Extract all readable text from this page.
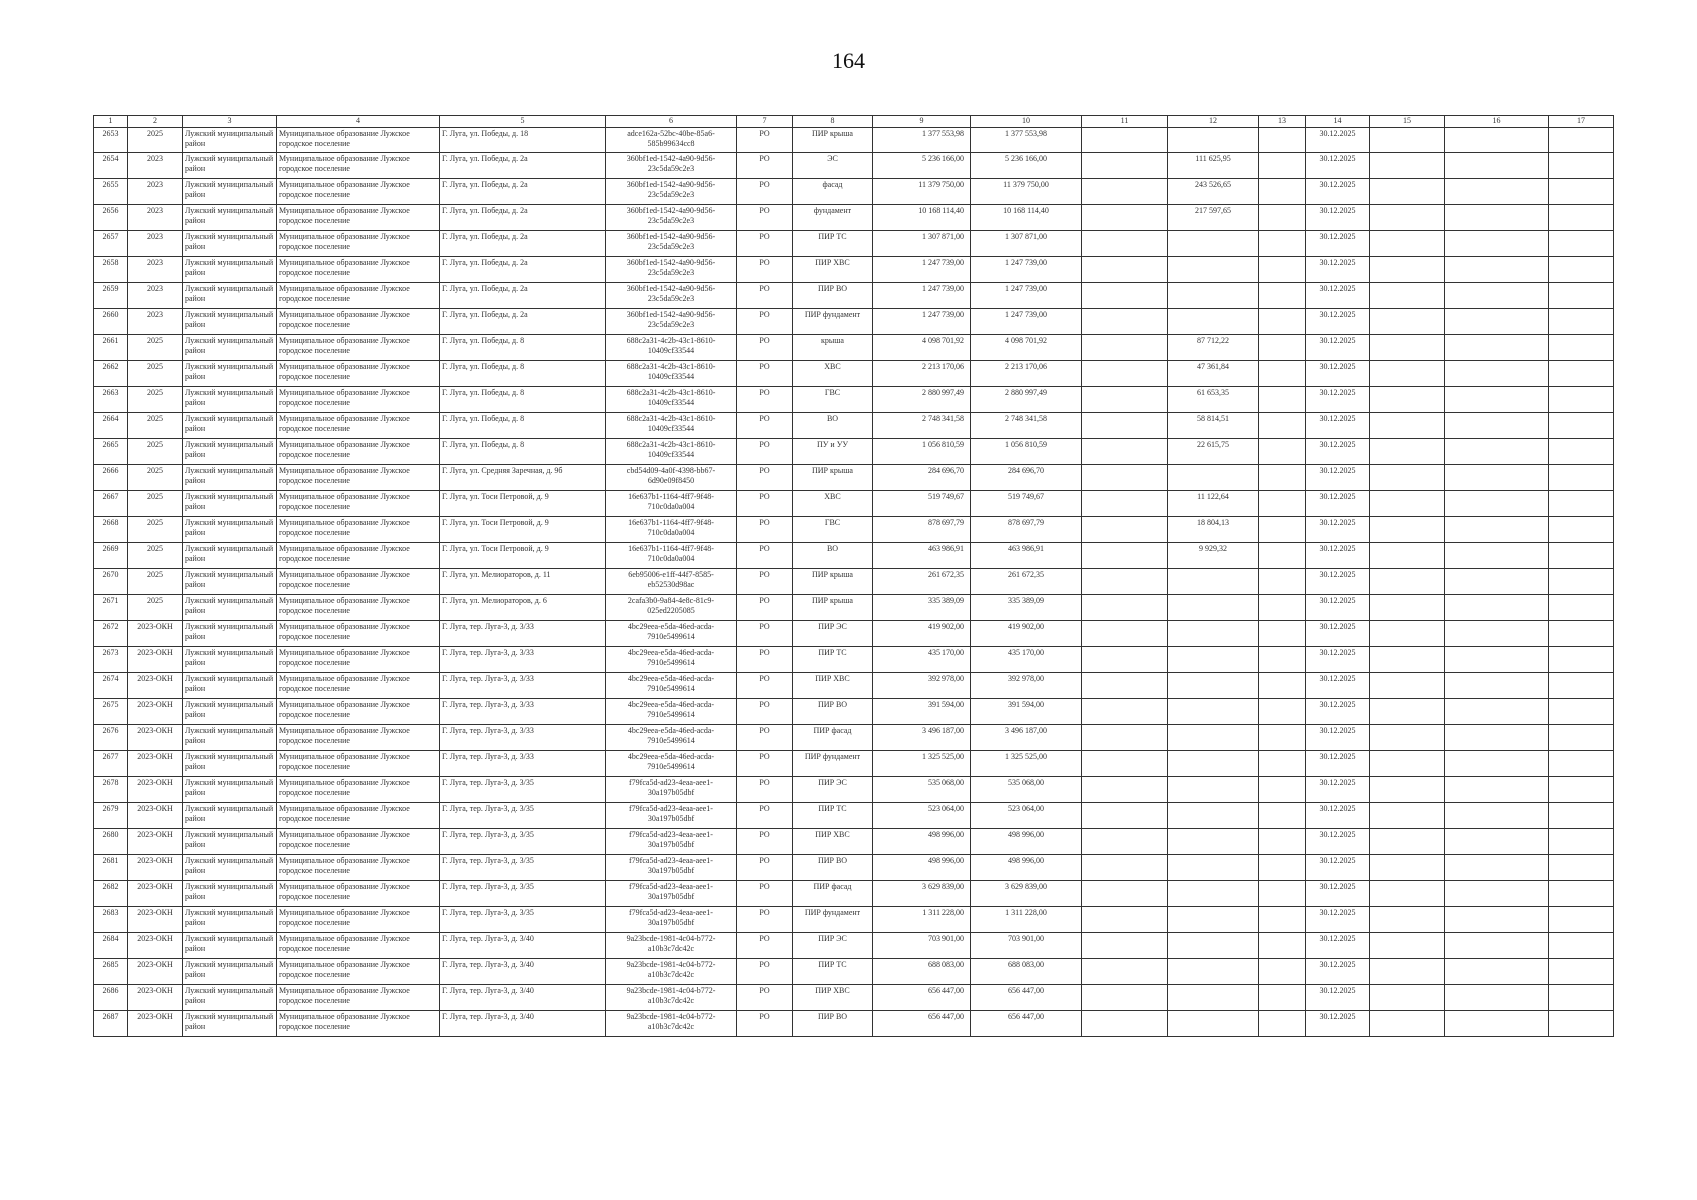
164
1	2	3	4	5	6	7	8	9	10	11	12	13	14	15	16	17
2653	2025	Лужский муниципальный район	Муниципальное образование Лужское городское поселение	Г. Луга, ул. Победы, д. 18	adce162a-52bc-40be-85a6-585b99634cc8	РО	ПИР крыша	1 377 553,98	1 377 553,98				30.12.2025			
2654	2023	Лужский муниципальный район	Муниципальное образование Лужское городское поселение	Г. Луга, ул. Победы, д. 2а	360bf1ed-1542-4a90-9d56-23c5da59c2e3	РО	ЭС	5 236 166,00	5 236 166,00		111 625,95		30.12.2025			
2655	2023	Лужский муниципальный район	Муниципальное образование Лужское городское поселение	Г. Луга, ул. Победы, д. 2а	360bf1ed-1542-4a90-9d56-23c5da59c2e3	РО	фасад	11 379 750,00	11 379 750,00		243 526,65		30.12.2025			
2656	2023	Лужский муниципальный район	Муниципальное образование Лужское городское поселение	Г. Луга, ул. Победы, д. 2а	360bf1ed-1542-4a90-9d56-23c5da59c2e3	РО	фундамент	10 168 114,40	10 168 114,40		217 597,65		30.12.2025			
2657	2023	Лужский муниципальный район	Муниципальное образование Лужское городское поселение	Г. Луга, ул. Победы, д. 2а	360bf1ed-1542-4a90-9d56-23c5da59c2e3	РО	ПИР ТС	1 307 871,00	1 307 871,00				30.12.2025			
2658	2023	Лужский муниципальный район	Муниципальное образование Лужское городское поселение	Г. Луга, ул. Победы, д. 2а	360bf1ed-1542-4a90-9d56-23c5da59c2e3	РО	ПИР ХВС	1 247 739,00	1 247 739,00				30.12.2025			
2659	2023	Лужский муниципальный район	Муниципальное образование Лужское городское поселение	Г. Луга, ул. Победы, д. 2а	360bf1ed-1542-4a90-9d56-23c5da59c2e3	РО	ПИР ВО	1 247 739,00	1 247 739,00				30.12.2025			
2660	2023	Лужский муниципальный район	Муниципальное образование Лужское городское поселение	Г. Луга, ул. Победы, д. 2а	360bf1ed-1542-4a90-9d56-23c5da59c2e3	РО	ПИР фундамент	1 247 739,00	1 247 739,00				30.12.2025			
2661	2025	Лужский муниципальный район	Муниципальное образование Лужское городское поселение	Г. Луга, ул. Победы, д. 8	688c2a31-4c2b-43c1-8610-10409cf33544	РО	крыша	4 098 701,92	4 098 701,92		87 712,22		30.12.2025			
2662	2025	Лужский муниципальный район	Муниципальное образование Лужское городское поселение	Г. Луга, ул. Победы, д. 8	688c2a31-4c2b-43c1-8610-10409cf33544	РО	ХВС	2 213 170,06	2 213 170,06		47 361,84		30.12.2025			
2663	2025	Лужский муниципальный район	Муниципальное образование Лужское городское поселение	Г. Луга, ул. Победы, д. 8	688c2a31-4c2b-43c1-8610-10409cf33544	РО	ГВС	2 880 997,49	2 880 997,49		61 653,35		30.12.2025			
2664	2025	Лужский муниципальный район	Муниципальное образование Лужское городское поселение	Г. Луга, ул. Победы, д. 8	688c2a31-4c2b-43c1-8610-10409cf33544	РО	ВО	2 748 341,58	2 748 341,58		58 814,51		30.12.2025			
2665	2025	Лужский муниципальный район	Муниципальное образование Лужское городское поселение	Г. Луга, ул. Победы, д. 8	688c2a31-4c2b-43c1-8610-10409cf33544	РО	ПУ и УУ	1 056 810,59	1 056 810,59		22 615,75		30.12.2025			
2666	2025	Лужский муниципальный район	Муниципальное образование Лужское городское поселение	Г. Луга, ул. Средняя Заречная, д. 9б	cbd54d09-4a0f-4398-bb67-6d90e09f8450	РО	ПИР крыша	284 696,70	284 696,70				30.12.2025			
2667	2025	Лужский муниципальный район	Муниципальное образование Лужское городское поселение	Г. Луга, ул. Тоси Петровой, д. 9	16e637b1-1164-4ff7-9f48-710c0da0a004	РО	ХВС	519 749,67	519 749,67		11 122,64		30.12.2025			
2668	2025	Лужский муниципальный район	Муниципальное образование Лужское городское поселение	Г. Луга, ул. Тоси Петровой, д. 9	16e637b1-1164-4ff7-9f48-710c0da0a004	РО	ГВС	878 697,79	878 697,79		18 804,13		30.12.2025			
2669	2025	Лужский муниципальный район	Муниципальное образование Лужское городское поселение	Г. Луга, ул. Тоси Петровой, д. 9	16e637b1-1164-4ff7-9f48-710c0da0a004	РО	ВО	463 986,91	463 986,91		9 929,32		30.12.2025			
2670	2025	Лужский муниципальный район	Муниципальное образование Лужское городское поселение	Г. Луга, ул. Мелиораторов, д. 11	6eb95006-e1ff-44f7-8585-eb52530d98ac	РО	ПИР крыша	261 672,35	261 672,35				30.12.2025			
2671	2025	Лужский муниципальный район	Муниципальное образование Лужское городское поселение	Г. Луга, ул. Мелиораторов, д. 6	2cafa3b0-9a84-4e8c-81c9-025ed2205085	РО	ПИР крыша	335 389,09	335 389,09				30.12.2025			
2672	2023-ОКН	Лужский муниципальный район	Муниципальное образование Лужское городское поселение	Г. Луга, тер. Луга-3, д. 3/33	4bc29eea-e5da-46ed-acda-7910e5499614	РО	ПИР ЭС	419 902,00	419 902,00				30.12.2025			
2673	2023-ОКН	Лужский муниципальный район	Муниципальное образование Лужское городское поселение	Г. Луга, тер. Луга-3, д. 3/33	4bc29eea-e5da-46ed-acda-7910e5499614	РО	ПИР ТС	435 170,00	435 170,00				30.12.2025			
2674	2023-ОКН	Лужский муниципальный район	Муниципальное образование Лужское городское поселение	Г. Луга, тер. Луга-3, д. 3/33	4bc29eea-e5da-46ed-acda-7910e5499614	РО	ПИР ХВС	392 978,00	392 978,00				30.12.2025			
2675	2023-ОКН	Лужский муниципальный район	Муниципальное образование Лужское городское поселение	Г. Луга, тер. Луга-3, д. 3/33	4bc29eea-e5da-46ed-acda-7910e5499614	РО	ПИР ВО	391 594,00	391 594,00				30.12.2025			
2676	2023-ОКН	Лужский муниципальный район	Муниципальное образование Лужское городское поселение	Г. Луга, тер. Луга-3, д. 3/33	4bc29eea-e5da-46ed-acda-7910e5499614	РО	ПИР фасад	3 496 187,00	3 496 187,00				30.12.2025			
2677	2023-ОКН	Лужский муниципальный район	Муниципальное образование Лужское городское поселение	Г. Луга, тер. Луга-3, д. 3/33	4bc29eea-e5da-46ed-acda-7910e5499614	РО	ПИР фундамент	1 325 525,00	1 325 525,00				30.12.2025			
2678	2023-ОКН	Лужский муниципальный район	Муниципальное образование Лужское городское поселение	Г. Луга, тер. Луга-3, д. 3/35	f79fca5d-ad23-4eaa-aee1-30a197b05dbf	РО	ПИР ЭС	535 068,00	535 068,00				30.12.2025			
2679	2023-ОКН	Лужский муниципальный район	Муниципальное образование Лужское городское поселение	Г. Луга, тер. Луга-3, д. 3/35	f79fca5d-ad23-4eaa-aee1-30a197b05dbf	РО	ПИР ТС	523 064,00	523 064,00				30.12.2025			
2680	2023-ОКН	Лужский муниципальный район	Муниципальное образование Лужское городское поселение	Г. Луга, тер. Луга-3, д. 3/35	f79fca5d-ad23-4eaa-aee1-30a197b05dbf	РО	ПИР ХВС	498 996,00	498 996,00				30.12.2025			
2681	2023-ОКН	Лужский муниципальный район	Муниципальное образование Лужское городское поселение	Г. Луга, тер. Луга-3, д. 3/35	f79fca5d-ad23-4eaa-aee1-30a197b05dbf	РО	ПИР ВО	498 996,00	498 996,00				30.12.2025			
2682	2023-ОКН	Лужский муниципальный район	Муниципальное образование Лужское городское поселение	Г. Луга, тер. Луга-3, д. 3/35	f79fca5d-ad23-4eaa-aee1-30a197b05dbf	РО	ПИР фасад	3 629 839,00	3 629 839,00				30.12.2025			
2683	2023-ОКН	Лужский муниципальный район	Муниципальное образование Лужское городское поселение	Г. Луга, тер. Луга-3, д. 3/35	f79fca5d-ad23-4eaa-aee1-30a197b05dbf	РО	ПИР фундамент	1 311 228,00	1 311 228,00				30.12.2025			
2684	2023-ОКН	Лужский муниципальный район	Муниципальное образование Лужское городское поселение	Г. Луга, тер. Луга-3, д. 3/40	9a23bcde-1981-4c04-b772-a10b3c7dc42c	РО	ПИР ЭС	703 901,00	703 901,00				30.12.2025			
2685	2023-ОКН	Лужский муниципальный район	Муниципальное образование Лужское городское поселение	Г. Луга, тер. Луга-3, д. 3/40	9a23bcde-1981-4c04-b772-a10b3c7dc42c	РО	ПИР ТС	688 083,00	688 083,00				30.12.2025			
2686	2023-ОКН	Лужский муниципальный район	Муниципальное образование Лужское городское поселение	Г. Луга, тер. Луга-3, д. 3/40	9a23bcde-1981-4c04-b772-a10b3c7dc42c	РО	ПИР ХВС	656 447,00	656 447,00				30.12.2025			
2687	2023-ОКН	Лужский муниципальный район	Муниципальное образование Лужское городское поселение	Г. Луга, тер. Луга-3, д. 3/40	9a23bcde-1981-4c04-b772-a10b3c7dc42c	РО	ПИР ВО	656 447,00	656 447,00				30.12.2025			
